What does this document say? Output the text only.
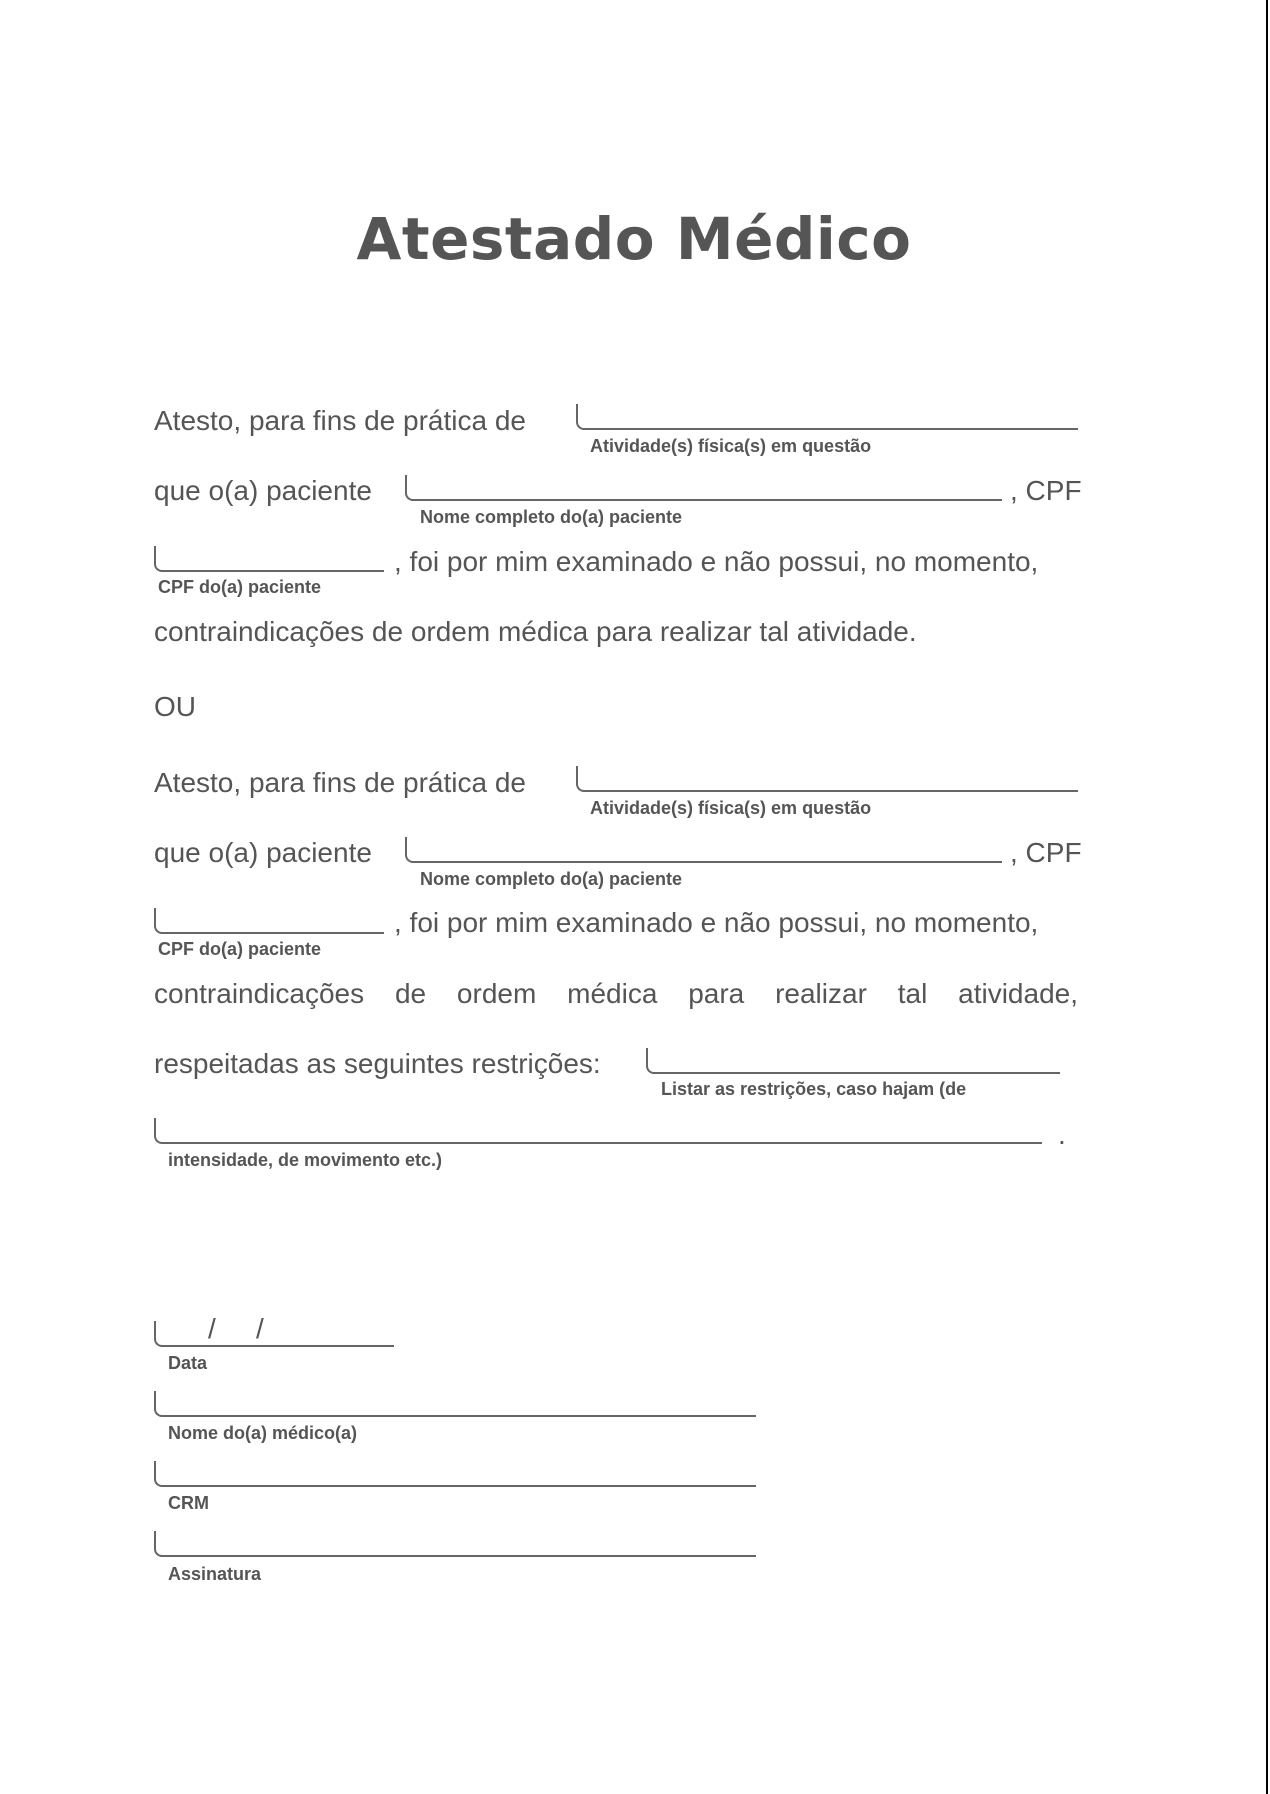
Atestado Médico
Atesto, para fins de prática de
Atividade(s) física(s) em questão
que o(a) paciente	, CPF
Nome completo do(a) paciente
, foi por mim examinado e não possui, no momento,
CPF do(a) paciente
contraindicações de ordem médica para realizar tal atividade.
OU
Atesto, para fins de prática de
Atividade(s) física(s) em questão
que o(a) paciente	, CPF
Nome completo do(a) paciente
, foi por mim examinado e não possui, no momento,
CPF do(a) paciente
contraindicações de ordem médica para realizar tal atividade,
respeitadas as seguintes restrições:
Listar as restrições, caso hajam (de
.
intensidade, de movimento etc.)
/ /
Data
Nome do(a) médico(a)
CRM
Assinatura
